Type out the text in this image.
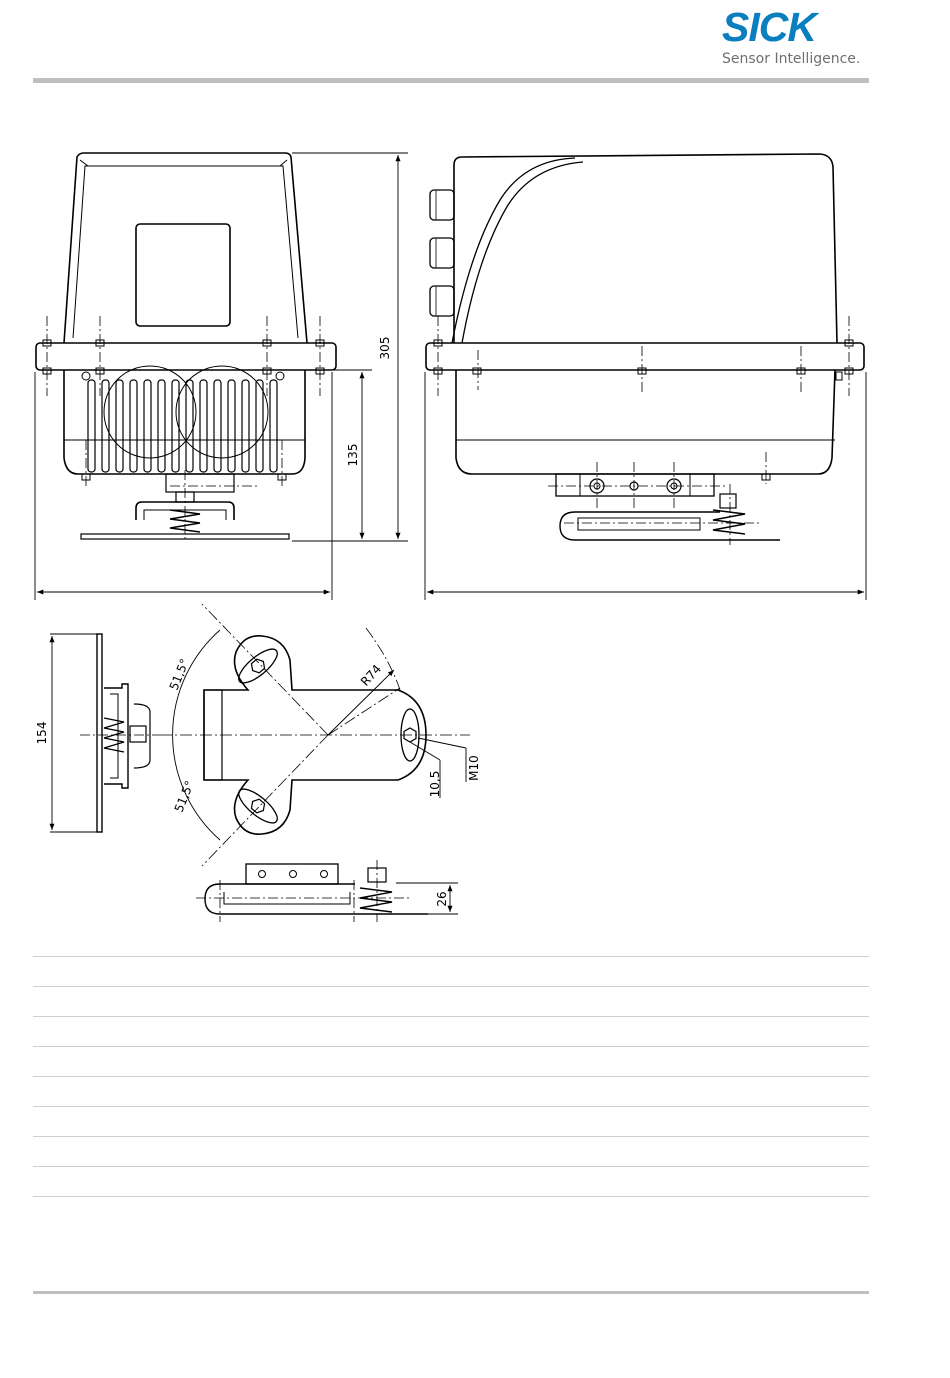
SICK
Sensor Intelligence.
305
135
154
51,5°
51,5°
R74
10,5
M10
26
